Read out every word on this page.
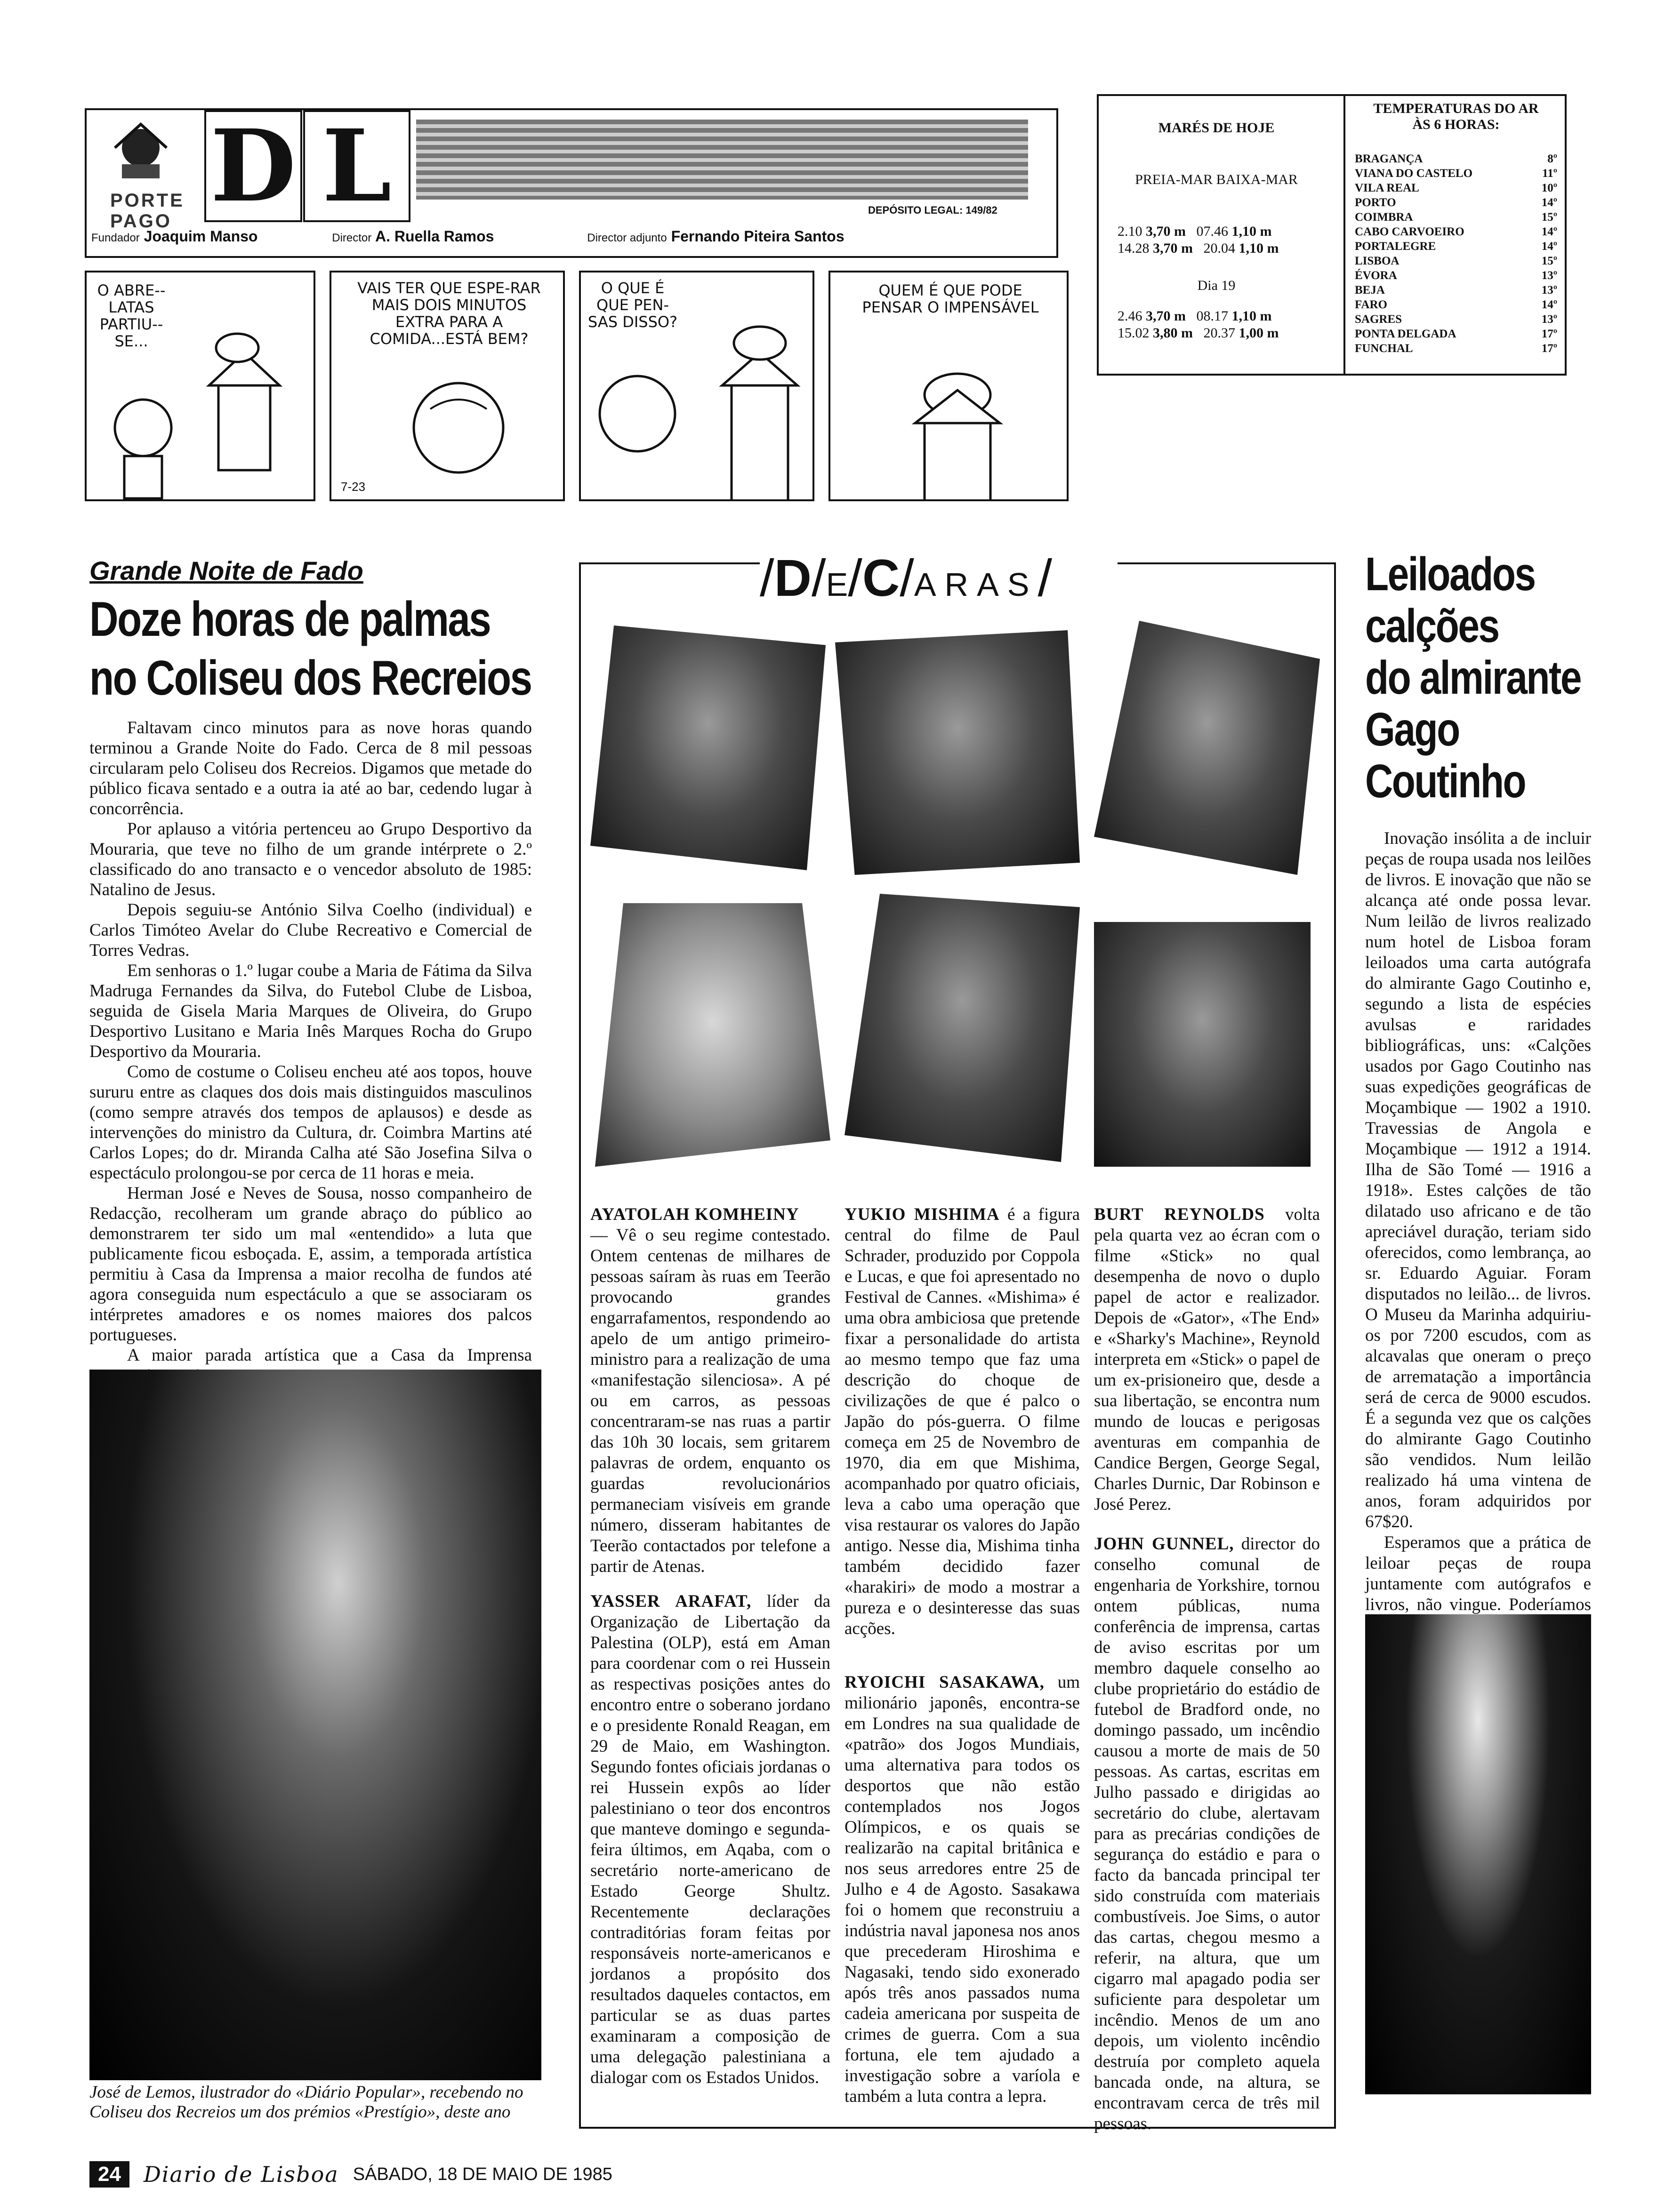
PORTE PAGO D L	DEPÓSITO LEGAL: 149/82
Fundador Joaquim Manso	Director A. Ruella Ramos	Director adjunto Fernando Piteira Santos
MARÉS DE HOJE
PREIA-MAR BAIXA-MAR
2.10 3,70 m 07.46 1,10 m
14.28 3,70 m 20.04 1,10 m
Dia 19
2.46 3,70 m 08.17 1,10 m
15.02 3,80 m 20.37 1,00 m
TEMPERATURAS DO AR
ÀS 6 HORAS:
BRAGANÇA	8º
VIANA DO CASTELO	11º
VILA REAL	10º
PORTO	14º
COIMBRA	15º
CABO CARVOEIRO	14º
PORTALEGRE	14º
LISBOA	15º
ÉVORA	13º
BEJA	13º
FARO	14º
SAGRES	13º
PONTA DELGADA	17º
FUNCHAL	17º
O ABRE--LATAS PARTIU--SE...
VAIS TER QUE ESPE-RAR MAIS DOIS MINUTOS EXTRA PARA A COMIDA...ESTÁ BEM?
7-23
O QUE É QUE PEN-SAS DISSO?
QUEM É QUE PODE PENSAR O IMPENSÁVEL
Grande Noite de Fado
Doze horas de palmas
no Coliseu dos Recreios

Faltavam cinco minutos para as nove horas quando terminou a Grande Noite do Fado. Cerca de 8 mil pessoas circularam pelo Coliseu dos Recreios. Digamos que metade do público ficava sentado e a outra ia até ao bar, cedendo lugar à concorrência.

Por aplauso a vitória pertenceu ao Grupo Desportivo da Mouraria, que teve no filho de um grande intérprete o 2.º classificado do ano transacto e o vencedor absoluto de 1985: Natalino de Jesus.

Depois seguiu-se António Silva Coelho (individual) e Carlos Timóteo Avelar do Clube Recreativo e Comercial de Torres Vedras.

Em senhoras o 1.º lugar coube a Maria de Fátima da Silva Madruga Fernandes da Silva, do Futebol Clube de Lisboa, seguida de Gisela Maria Marques de Oliveira, do Grupo Desportivo Lusitano e Maria Inês Marques Rocha do Grupo Desportivo da Mouraria.

Como de costume o Coliseu encheu até aos topos, houve sururu entre as claques dos dois mais distinguidos masculinos (como sempre através dos tempos de aplausos) e desde as intervenções do ministro da Cultura, dr. Coimbra Martins até Carlos Lopes; do dr. Miranda Calha até São Josefina Silva o espectáculo prolongou-se por cerca de 11 horas e meia.

Herman José e Neves de Sousa, nosso companheiro de Redacção, recolheram um grande abraço do público ao demonstrarem ter sido um mal «entendido» a luta que publicamente ficou esboçada. E, assim, a temporada artística permitiu à Casa da Imprensa a maior recolha de fundos até agora conseguida num espectáculo a que se associaram os intérpretes amadores e os nomes maiores dos palcos portugueses.

A maior parada artística que a Casa da Imprensa

José de Lemos, ilustrador do «Diário Popular», recebendo no Coliseu dos Recreios um dos prémios «Prestígio», deste ano
/D/E/C/ARAS/

AYATOLAH KOMHEINY
— Vê o seu regime contestado. Ontem centenas de milhares de pessoas saíram às ruas em Teerão provocando grandes engarrafamentos, respondendo ao apelo de um antigo primeiro-ministro para a realização de uma «manifestação silenciosa». A pé ou em carros, as pessoas concentraram-se nas ruas a partir das 10h 30 locais, sem gritarem palavras de ordem, enquanto os guardas revolucionários permaneciam visíveis em grande número, disseram habitantes de Teerão contactados por telefone a partir de Atenas.

YASSER ARAFAT, líder da Organização de Libertação da Palestina (OLP), está em Aman para coordenar com o rei Hussein as respectivas posições antes do encontro entre o soberano jordano e o presidente Ronald Reagan, em 29 de Maio, em Washington. Segundo fontes oficiais jordanas o rei Hussein expôs ao líder palestiniano o teor dos encontros que manteve domingo e segunda-feira últimos, em Aqaba, com o secretário norte-americano de Estado George Shultz. Recentemente declarações contraditórias foram feitas por responsáveis norte-americanos e jordanos a propósito dos resultados daqueles contactos, em particular se as duas partes examinaram a composição de uma delegação palestiniana a dialogar com os Estados Unidos.

YUKIO MISHIMA é a figura central do filme de Paul Schrader, produzido por Coppola e Lucas, e que foi apresentado no Festival de Cannes. «Mishima» é uma obra ambiciosa que pretende fixar a personalidade do artista ao mesmo tempo que faz uma descrição do choque de civilizações de que é palco o Japão do pós-guerra. O filme começa em 25 de Novembro de 1970, dia em que Mishima, acompanhado por quatro oficiais, leva a cabo uma operação que visa restaurar os valores do Japão antigo. Nesse dia, Mishima tinha também decidido fazer «harakiri» de modo a mostrar a pureza e o desinteresse das suas acções.

RYOICHI SASAKAWA, um milionário japonês, encontra-se em Londres na sua qualidade de «patrão» dos Jogos Mundiais, uma alternativa para todos os desportos que não estão contemplados nos Jogos Olímpicos, e os quais se realizarão na capital britânica e nos seus arredores entre 25 de Julho e 4 de Agosto. Sasakawa foi o homem que reconstruiu a indústria naval japonesa nos anos que precederam Hiroshima e Nagasaki, tendo sido exonerado após três anos passados numa cadeia americana por suspeita de crimes de guerra. Com a sua fortuna, ele tem ajudado a investigação sobre a varíola e também a luta contra a lepra.

BURT REYNOLDS volta pela quarta vez ao écran com o filme «Stick» no qual desempenha de novo o duplo papel de actor e realizador. Depois de «Gator», «The End» e «Sharky's Machine», Reynold interpreta em «Stick» o papel de um ex-prisioneiro que, desde a sua libertação, se encontra num mundo de loucas e perigosas aventuras em companhia de Candice Bergen, George Segal, Charles Durnic, Dar Robinson e José Perez.

JOHN GUNNEL, director do conselho comunal de engenharia de Yorkshire, tornou ontem públicas, numa conferência de imprensa, cartas de aviso escritas por um membro daquele conselho ao clube proprietário do estádio de futebol de Bradford onde, no domingo passado, um incêndio causou a morte de mais de 50 pessoas. As cartas, escritas em Julho passado e dirigidas ao secretário do clube, alertavam para as precárias condições de segurança do estádio e para o facto da bancada principal ter sido construída com materiais combustíveis. Joe Sims, o autor das cartas, chegou mesmo a referir, na altura, que um cigarro mal apagado podia ser suficiente para despoletar um incêndio. Menos de um ano depois, um violento incêndio destruía por completo aquela bancada onde, na altura, se encontravam cerca de três mil pessoas.

Leiloados
calções
do almirante
Gago
Coutinho

Inovação insólita a de incluir peças de roupa usada nos leilões de livros. E inovação que não se alcança até onde possa levar. Num leilão de livros realizado num hotel de Lisboa foram leiloados uma carta autógrafa do almirante Gago Coutinho e, segundo a lista de espécies avulsas e raridades bibliográficas, uns: «Calções usados por Gago Coutinho nas suas expedições geográficas de Moçambique — 1902 a 1910. Travessias de Angola e Moçambique — 1912 a 1914. Ilha de São Tomé — 1916 a 1918». Estes calções de tão dilatado uso africano e de tão apreciável duração, teriam sido oferecidos, como lembrança, ao sr. Eduardo Aguiar. Foram disputados no leilão... de livros. O Museu da Marinha adquiriu-os por 7200 escudos, com as alcavalas que oneram o preço de arrematação a importância será de cerca de 9000 escudos. É a segunda vez que os calções do almirante Gago Coutinho são vendidos. Num leilão realizado há uma vintena de anos, foram adquiridos por 67$20.

Esperamos que a prática de leiloar peças de roupa juntamente com autógrafos e livros, não vingue. Poderíamos

24	Diario de Lisboa SÁBADO, 18 DE MAIO DE 1985
